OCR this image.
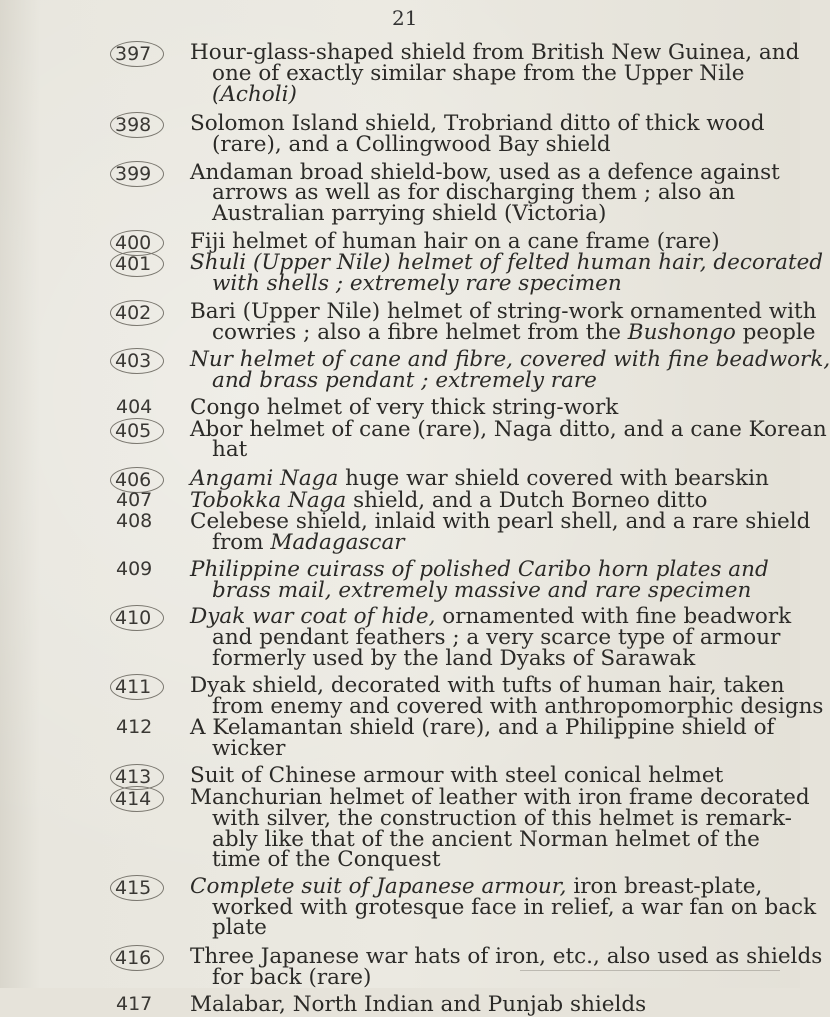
21
397	Hour-glass-shaped shield from British New Guinea, and
one of exactly similar shape from the Upper Nile
(Acholi)
398	Solomon Island shield, Trobriand ditto of thick wood
(rare), and a Collingwood Bay shield
399	Andaman broad shield-bow, used as a defence against
arrows as well as for discharging them ; also an
Australian parrying shield (Victoria)
400	Fiji helmet of human hair on a cane frame (rare)
401	Shuli (Upper Nile) helmet of felted human hair, decorated
with shells ; extremely rare specimen
402	Bari (Upper Nile) helmet of string-work ornamented with
cowries ; also a fibre helmet from the Bushongo people
403	Nur helmet of cane and fibre, covered with fine beadwork,
and brass pendant ; extremely rare
404	Congo helmet of very thick string-work
405	Abor helmet of cane (rare), Naga ditto, and a cane Korean
hat
406	Angami Naga huge war shield covered with bearskin
407	Tobokka Naga shield, and a Dutch Borneo ditto
408	Celebese shield, inlaid with pearl shell, and a rare shield
from Madagascar
409	Philippine cuirass of polished Caribo horn plates and
brass mail, extremely massive and rare specimen
410	Dyak war coat of hide, ornamented with fine beadwork
and pendant feathers ; a very scarce type of armour
formerly used by the land Dyaks of Sarawak
411	Dyak shield, decorated with tufts of human hair, taken
from enemy and covered with anthropomorphic designs
412	A Kelamantan shield (rare), and a Philippine shield of
wicker
413	Suit of Chinese armour with steel conical helmet
414	Manchurian helmet of leather with iron frame decorated
with silver, the construction of this helmet is remark-
ably like that of the ancient Norman helmet of the
time of the Conquest
415	Complete suit of Japanese armour, iron breast-plate,
worked with grotesque face in relief, a war fan on back
plate
416	Three Japanese war hats of iron, etc., also used as shields
for back (rare)
417	Malabar, North Indian and Punjab shields
